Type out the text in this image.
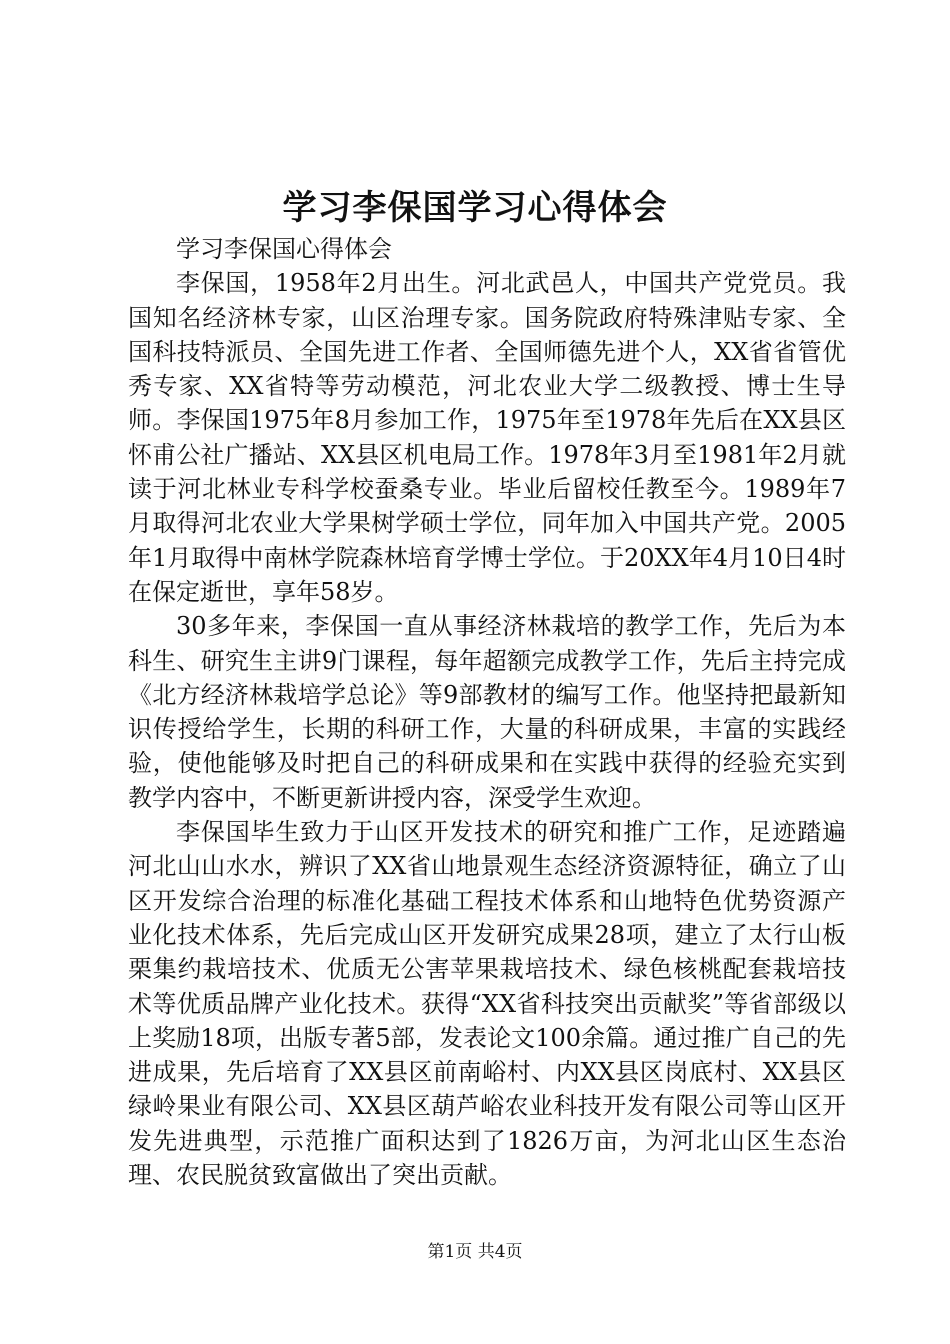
学习李保国学习心得体会

学习李保国心得体会

李保国，1958年2月出生。河北武邑人，中国共产党党员。我国知名经济林专家，山区治理专家。国务院政府特殊津贴专家、全国科技特派员、全国先进工作者、全国师德先进个人，XX省省管优秀专家、XX省特等劳动模范，河北农业大学二级教授、博士生导师。李保国1975年8月参加工作，1975年至1978年先后在XX县区怀甫公社广播站、XX县区机电局工作。1978年3月至1981年2月就读于河北林业专科学校蚕桑专业。毕业后留校任教至今。1989年7月取得河北农业大学果树学硕士学位，同年加入中国共产党。2005年1月取得中南林学院森林培育学博士学位。于20XX年4月10日4时在保定逝世，享年58岁。

30多年来，李保国一直从事经济林栽培的教学工作，先后为本科生、研究生主讲9门课程，每年超额完成教学工作，先后主持完成《北方经济林栽培学总论》等9部教材的编写工作。他坚持把最新知识传授给学生，长期的科研工作，大量的科研成果，丰富的实践经验，使他能够及时把自己的科研成果和在实践中获得的经验充实到教学内容中，不断更新讲授内容，深受学生欢迎。

李保国毕生致力于山区开发技术的研究和推广工作，足迹踏遍河北山山水水，辨识了XX省山地景观生态经济资源特征，确立了山区开发综合治理的标准化基础工程技术体系和山地特色优势资源产业化技术体系，先后完成山区开发研究成果28项，建立了太行山板栗集约栽培技术、优质无公害苹果栽培技术、绿色核桃配套栽培技术等优质品牌产业化技术。获得“XX省科技突出贡献奖”等省部级以上奖励18项，出版专著5部，发表论文100余篇。通过推广自己的先进成果，先后培育了XX县区前南峪村、内XX县区岗底村、XX县区绿岭果业有限公司、XX县区葫芦峪农业科技开发有限公司等山区开发先进典型，示范推广面积达到了1826万亩，为河北山区生态治理、农民脱贫致富做出了突出贡献。

第1页 共4页
